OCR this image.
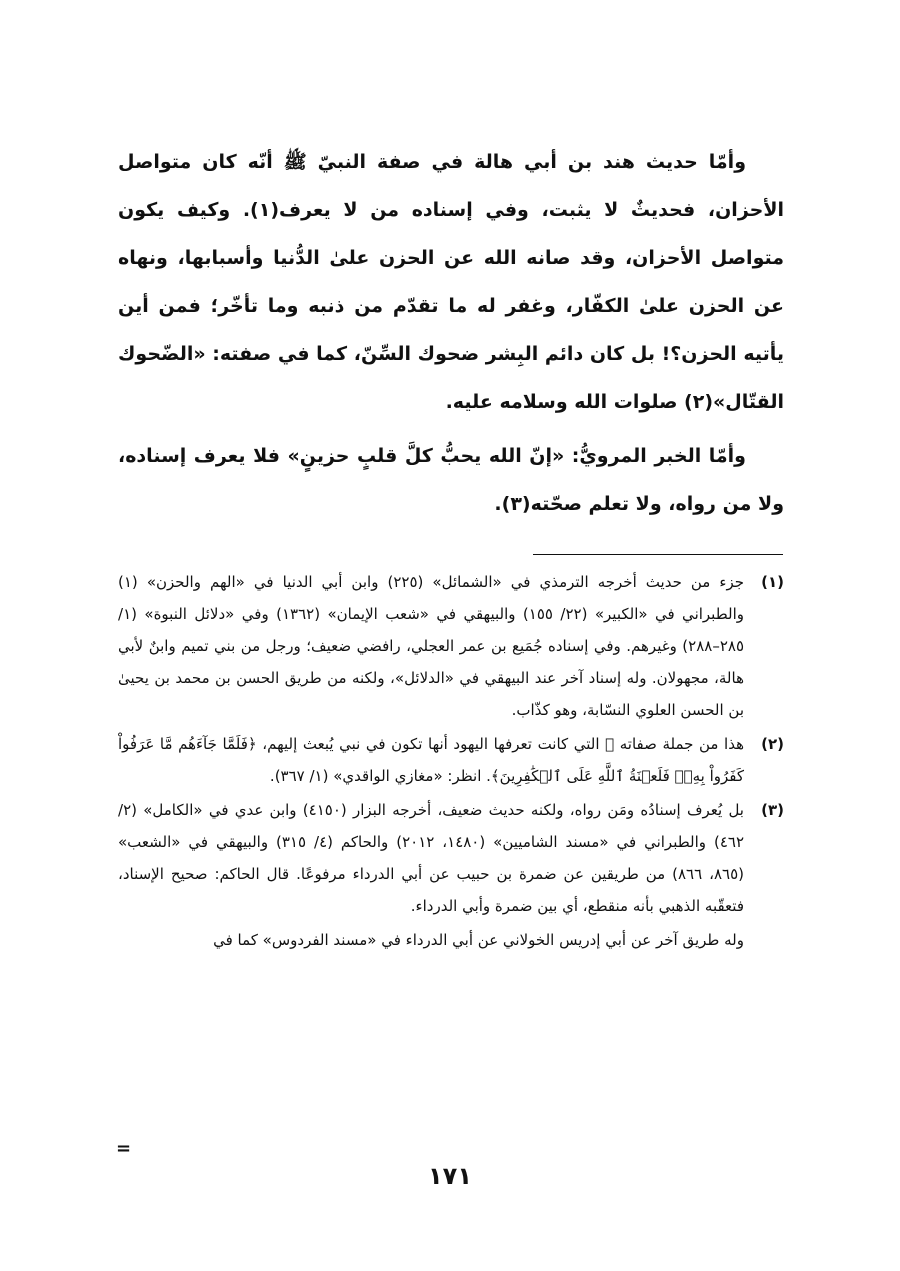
وأمّا حديث هند بن أبي هالة في صفة النبيّ ﷺ أنّه كان متواصل الأحزان، فحديثٌ لا يثبت، وفي إسناده من لا يعرف(١). وكيف يكون متواصل الأحزان، وقد صانه الله عن الحزن علىٰ الدُّنيا وأسبابها، ونهاه عن الحزن علىٰ الكفّار، وغفر له ما تقدّم من ذنبه وما تأخّر؛ فمن أين يأتيه الحزن؟! بل كان دائم البِشر ضحوك السِّنّ، كما في صفته: «الضّحوك القتّال»(٢) صلوات الله وسلامه عليه.

وأمّا الخبر المرويُّ: «إنّ الله يحبُّ كلَّ قلبٍ حزينٍ» فلا يعرف إسناده، ولا من رواه، ولا تعلم صحّته(٣).

(١)
جزء من حديث أخرجه الترمذي في «الشمائل» (٢٢٥) وابن أبي الدنيا في «الهم والحزن» (١) والطبراني في «الكبير» (٢٢/ ١٥٥) والبيهقي في «شعب الإيمان» (١٣٦٢) وفي «دلائل النبوة» (١/ ٢٨٥–٢٨٨) وغيرهم. وفي إسناده جُمَيع بن عمر العجلي، رافضي ضعيف؛ ورجل من بني تميم وابنٌ لأبي هالة، مجهولان. وله إسناد آخر عند البيهقي في «الدلائل»، ولكنه من طريق الحسن بن محمد بن يحيىٰ بن الحسن العلوي النسّابة، وهو كذّاب.
(٢)
هذا من جملة صفاته ﷺ التي كانت تعرفها اليهود أنها تكون في نبي يُبعث إليهم، ﴿فَلَمَّا جَآءَهُم مَّا عَرَفُواْ كَفَرُواْ بِهِۦۚ فَلَعۡنَةُ ٱللَّهِ عَلَى ٱلۡكَٰفِرِينَ﴾. انظر: «مغازي الواقدي» (١/ ٣٦٧).
(٣)
بل يُعرف إسنادُه ومَن رواه، ولكنه حديث ضعيف، أخرجه البزار (٤١٥٠) وابن عدي في «الكامل» (٢/ ٤٦٢) والطبراني في «مسند الشاميين» (١٤٨٠، ٢٠١٢) والحاكم (٤/ ٣١٥) والبيهقي في «الشعب» (٨٦٥، ٨٦٦) من طريقين عن ضمرة بن حبيب عن أبي الدرداء مرفوعًا. قال الحاكم: صحيح الإسناد، فتعقّبه الذهبي بأنه منقطع، أي بين ضمرة وأبي الدرداء.
وله طريق آخر عن أبي إدريس الخولاني عن أبي الدرداء في «مسند الفردوس» كما في
=
١٧١
